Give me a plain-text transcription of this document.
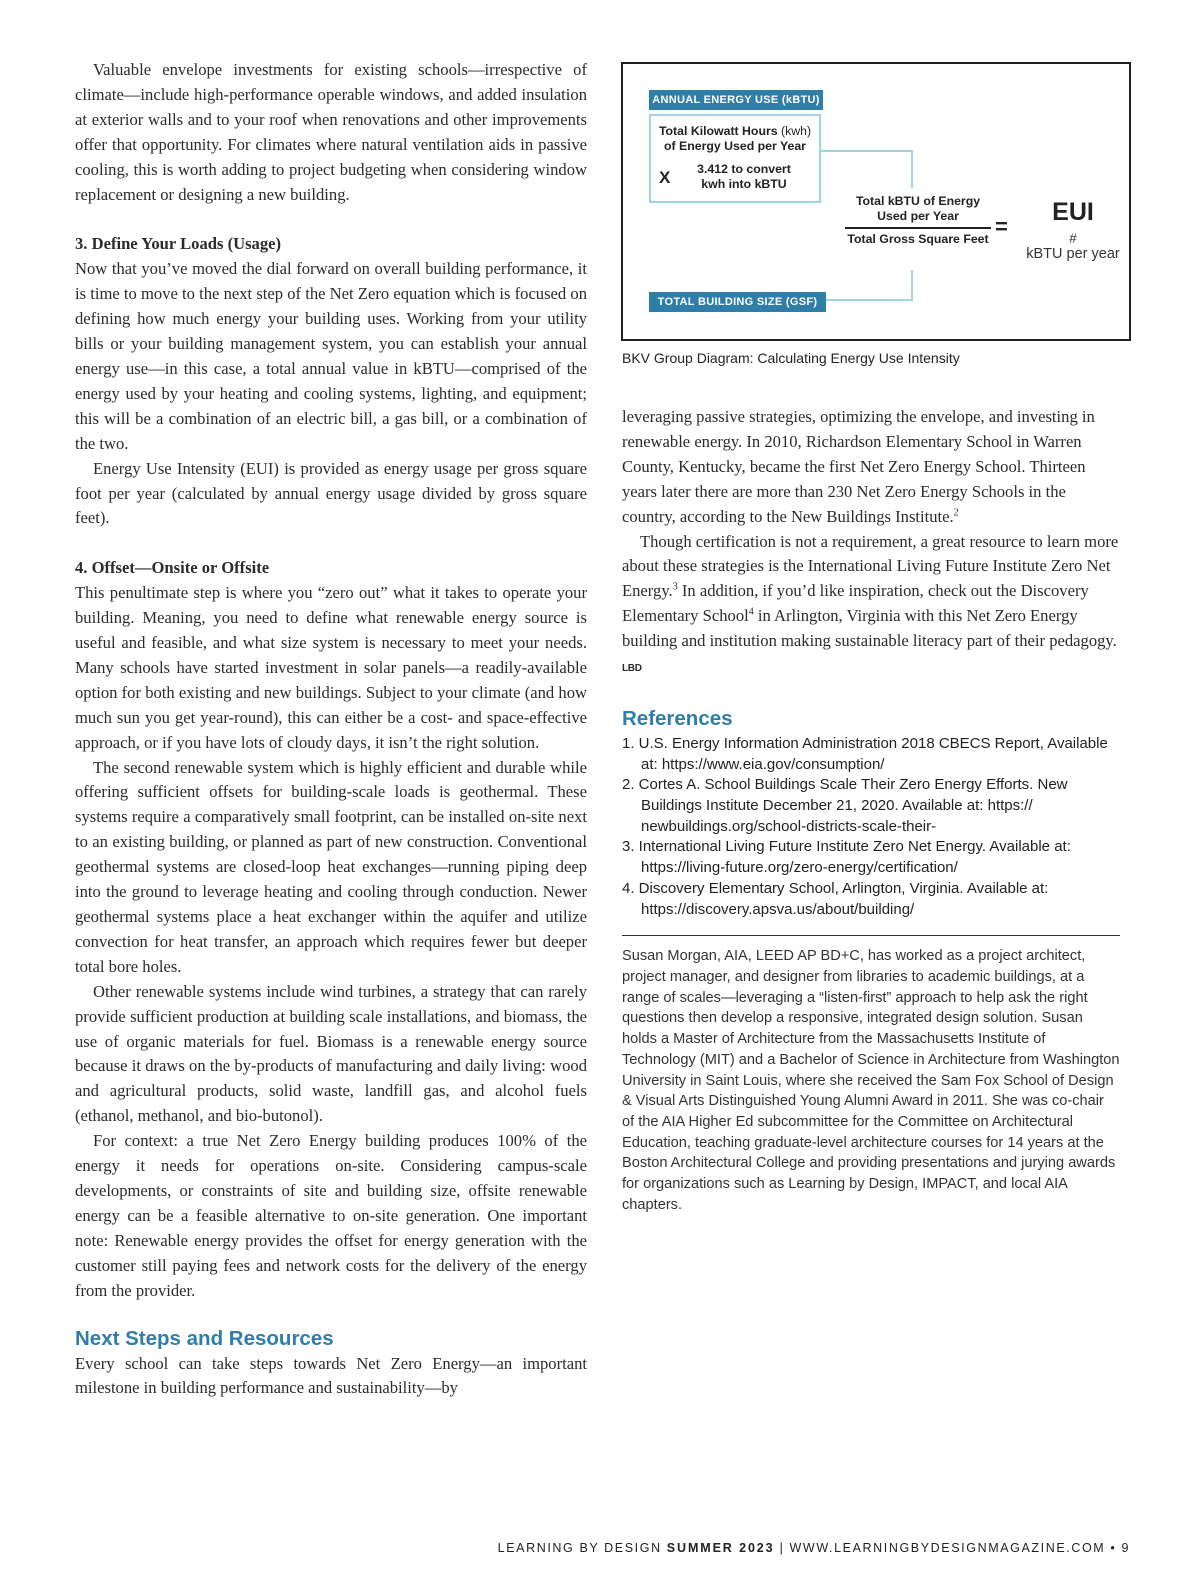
Valuable envelope investments for existing schools—irrespective of climate—include high-performance operable windows, and added insulation at exterior walls and to your roof when renovations and other improvements offer that opportunity. For climates where natural ventilation aids in passive cooling, this is worth adding to project budgeting when considering window replacement or designing a new building.

3. Define Your Loads (Usage)

Now that you’ve moved the dial forward on overall building performance, it is time to move to the next step of the Net Zero equation which is focused on defining how much energy your building uses. Working from your utility bills or your building management system, you can establish your annual energy use—in this case, a total annual value in kBTU—comprised of the energy used by your heating and cooling systems, lighting, and equipment; this will be a combination of an electric bill, a gas bill, or a combination of the two.

Energy Use Intensity (EUI) is provided as energy usage per gross square foot per year (calculated by annual energy usage divided by gross square feet).

4. Offset—Onsite or Offsite

This penultimate step is where you “zero out” what it takes to operate your building. Meaning, you need to define what renewable energy source is useful and feasible, and what size system is necessary to meet your needs. Many schools have started investment in solar panels—a readily-available option for both existing and new buildings. Subject to your climate (and how much sun you get year-round), this can either be a cost- and space-effective approach, or if you have lots of cloudy days, it isn’t the right solution.

The second renewable system which is highly efficient and durable while offering sufficient offsets for building-scale loads is geothermal. These systems require a comparatively small footprint, can be installed on-site next to an existing building, or planned as part of new construction. Conventional geothermal systems are closed-loop heat exchanges—running piping deep into the ground to leverage heating and cooling through conduction. Newer geothermal systems place a heat exchanger within the aquifer and utilize convection for heat transfer, an approach which requires fewer but deeper total bore holes.

Other renewable systems include wind turbines, a strategy that can rarely provide sufficient production at building scale installations, and biomass, the use of organic materials for fuel. Biomass is a renewable energy source because it draws on the by-products of manufacturing and daily living: wood and agricultural products, solid waste, landfill gas, and alcohol fuels (ethanol, methanol, and bio-butonol).

For context: a true Net Zero Energy building produces 100% of the energy it needs for operations on-site. Considering campus-scale developments, or constraints of site and building size, offsite renewable energy can be a feasible alternative to on-site generation. One important note: Renewable energy provides the offset for energy generation with the customer still paying fees and network costs for the delivery of the energy from the provider.

Next Steps and Resources

Every school can take steps towards Net Zero Energy—an important milestone in building performance and sustainability—by

ANNUAL ENERGY USE (kBTU)
Total Kilowatt Hours (kwh)
of Energy Used per Year
X	3.412 to convert kwh into kBTU
Total kBTU of Energy Used per Year
Total Gross Square Feet =
EUI
#
kBTU per year
TOTAL BUILDING SIZE (GSF)
BKV Group Diagram: Calculating Energy Use Intensity

leveraging passive strategies, optimizing the envelope, and investing in renewable energy. In 2010, Richardson Elementary School in Warren County, Kentucky, became the first Net Zero Energy School. Thirteen years later there are more than 230 Net Zero Energy Schools in the country, according to the New Buildings Institute.$^2$

Though certification is not a requirement, a great resource to learn more about these strategies is the International Living Future Institute Zero Net Energy.$^3$ In addition, if you’d like inspiration, check out the Discovery Elementary School$^4$ in Arlington, Virginia with this Net Zero Energy building and institution making sustainable literacy part of their pedagogy. LBD

References

1. U.S. Energy Information Administration 2018 CBECS Report, Available at: https://www.eia.gov/consumption/
2. Cortes A. School Buildings Scale Their Zero Energy Efforts. New Buildings Institute December 21, 2020. Available at: https:// newbuildings.org/school-districts-scale-their-
3. International Living Future Institute Zero Net Energy. Available at: https://living-future.org/zero-energy/certification/
4. Discovery Elementary School, Arlington, Virginia. Available at: https://discovery.apsva.us/about/building/

Susan Morgan, AIA, LEED AP BD+C, has worked as a project architect, project manager, and designer from libraries to academic buildings, at a range of scales—leveraging a “listen-first” approach to help ask the right questions then develop a responsive, integrated design solution. Susan holds a Master of Architecture from the Massachusetts Institute of Technology (MIT) and a Bachelor of Science in Architecture from Washington University in Saint Louis, where she received the Sam Fox School of Design & Visual Arts Distinguished Young Alumni Award in 2011. She was co-chair of the AIA Higher Ed subcommittee for the Committee on Architectural Education, teaching graduate-level architecture courses for 14 years at the Boston Architectural College and providing presentations and jurying awards for organizations such as Learning by Design, IMPACT, and local AIA chapters.

LEARNING BY DESIGN SUMMER 2023 | WWW.LEARNINGBYDESIGNMAGAZINE.COM • 9
